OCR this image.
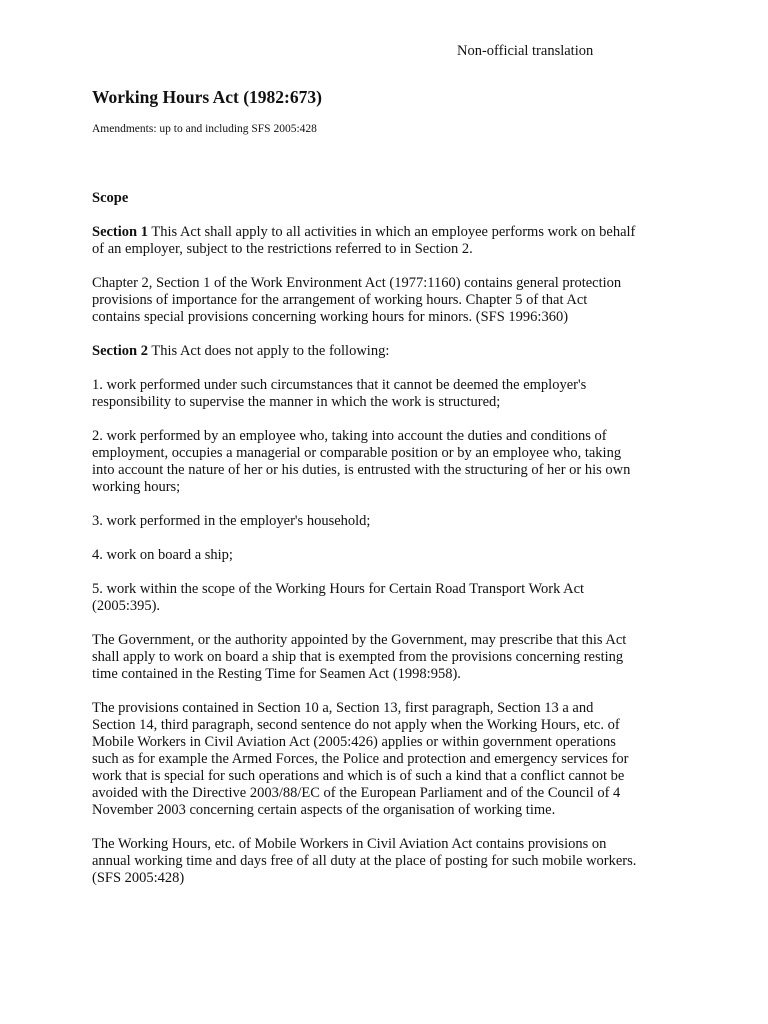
Non-official translation
Working Hours Act (1982:673)
Amendments: up to and including SFS 2005:428
Scope

Section 1 This Act shall apply to all activities in which an employee performs work on behalf of an employer, subject to the restrictions referred to in Section 2.

Chapter 2, Section 1 of the Work Environment Act (1977:1160) contains general protection provisions of importance for the arrangement of working hours. Chapter 5 of that Act contains special provisions concerning working hours for minors. (SFS 1996:360)

Section 2 This Act does not apply to the following:

1. work performed under such circumstances that it cannot be deemed the employer's responsibility to supervise the manner in which the work is structured;

2. work performed by an employee who, taking into account the duties and conditions of employment, occupies a managerial or comparable position or by an employee who, taking into account the nature of her or his duties, is entrusted with the structuring of her or his own working hours;

3. work performed in the employer's household;

4. work on board a ship;

5. work within the scope of the Working Hours for Certain Road Transport Work Act (2005:395).

The Government, or the authority appointed by the Government, may prescribe that this Act shall apply to work on board a ship that is exempted from the provisions concerning resting time contained in the Resting Time for Seamen Act (1998:958).

The provisions contained in Section 10 a, Section 13, first paragraph, Section 13 a and Section 14, third paragraph, second sentence do not apply when the Working Hours, etc. of Mobile Workers in Civil Aviation Act (2005:426) applies or within government operations such as for example the Armed Forces, the Police and protection and emergency services for work that is special for such operations and which is of such a kind that a conflict cannot be avoided with the Directive 2003/88/EC of the European Parliament and of the Council of 4 November 2003 concerning certain aspects of the organisation of working time.

The Working Hours, etc. of Mobile Workers in Civil Aviation Act contains provisions on annual working time and days free of all duty at the place of posting for such mobile workers. (SFS 2005:428)
